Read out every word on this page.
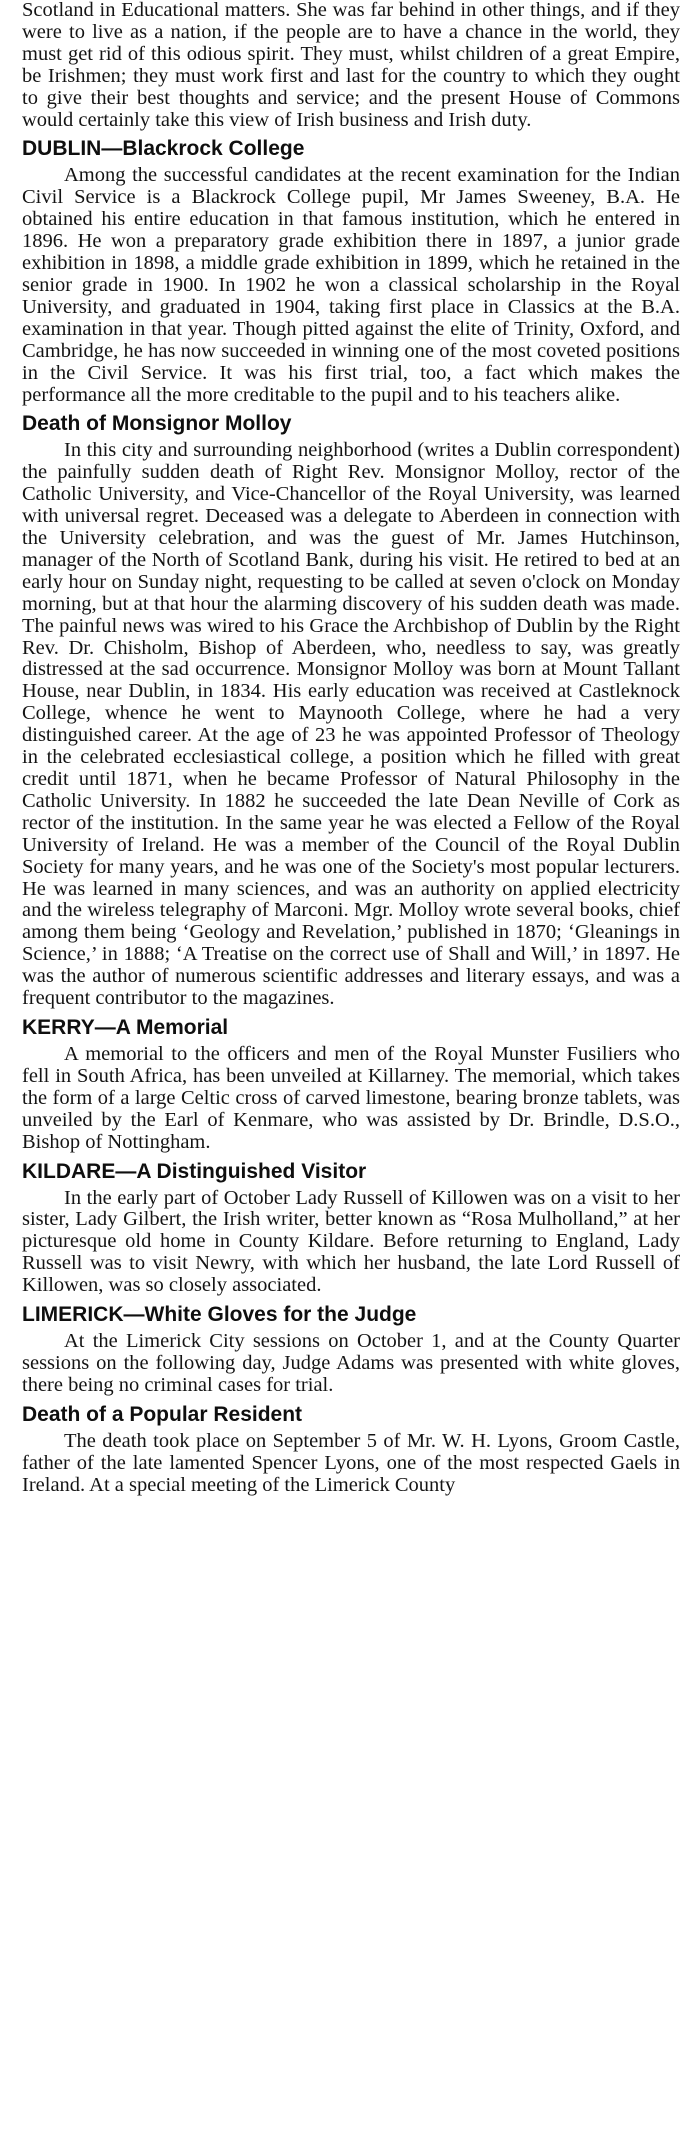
Scotland in Educational matters. She was far behind in other things, and if they were to live as a nation, if the people are to have a chance in the world, they must get rid of this odious spirit. They must, whilst children of a great Empire, be Irishmen; they must work first and last for the country to which they ought to give their best thoughts and service; and the present House of Commons would certainly take this view of Irish business and Irish duty.

DUBLIN—Blackrock College

Among the successful candidates at the recent examination for the Indian Civil Service is a Blackrock College pupil, Mr James Sweeney, B.A. He obtained his entire education in that famous institution, which he entered in 1896. He won a preparatory grade exhibition there in 1897, a junior grade exhibition in 1898, a middle grade exhibition in 1899, which he retained in the senior grade in 1900. In 1902 he won a classical scholarship in the Royal University, and graduated in 1904, taking first place in Classics at the B.A. examination in that year. Though pitted against the elite of Trinity, Oxford, and Cambridge, he has now succeeded in winning one of the most coveted positions in the Civil Service. It was his first trial, too, a fact which makes the performance all the more creditable to the pupil and to his teachers alike.

Death of Monsignor Molloy

In this city and surrounding neighborhood (writes a Dublin correspondent) the painfully sudden death of Right Rev. Monsignor Molloy, rector of the Catholic University, and Vice-Chancellor of the Royal University, was learned with universal regret. Deceased was a delegate to Aberdeen in connection with the University celebration, and was the guest of Mr. James Hutchinson, manager of the North of Scotland Bank, during his visit. He retired to bed at an early hour on Sunday night, requesting to be called at seven o'clock on Monday morning, but at that hour the alarming discovery of his sudden death was made. The painful news was wired to his Grace the Archbishop of Dublin by the Right Rev. Dr. Chisholm, Bishop of Aberdeen, who, needless to say, was greatly distressed at the sad occurrence. Monsignor Molloy was born at Mount Tallant House, near Dublin, in 1834. His early education was received at Castleknock College, whence he went to Maynooth College, where he had a very distinguished career. At the age of 23 he was appointed Professor of Theology in the celebrated ecclesiastical college, a position which he filled with great credit until 1871, when he became Professor of Natural Philosophy in the Catholic University. In 1882 he succeeded the late Dean Neville of Cork as rector of the institution. In the same year he was elected a Fellow of the Royal University of Ireland. He was a member of the Council of the Royal Dublin Society for many years, and he was one of the Society's most popular lecturers. He was learned in many sciences, and was an authority on applied electricity and the wireless telegraphy of Marconi. Mgr. Molloy wrote several books, chief among them being ‘Geology and Revelation,’ published in 1870; ‘Gleanings in Science,’ in 1888; ‘A Treatise on the correct use of Shall and Will,’ in 1897. He was the author of numerous scientific addresses and literary essays, and was a frequent contributor to the magazines.

KERRY—A Memorial

A memorial to the officers and men of the Royal Munster Fusiliers who fell in South Africa, has been unveiled at Killarney. The memorial, which takes the form of a large Celtic cross of carved limestone, bearing bronze tablets, was unveiled by the Earl of Kenmare, who was assisted by Dr. Brindle, D.S.O., Bishop of Nottingham.

KILDARE—A Distinguished Visitor

In the early part of October Lady Russell of Killowen was on a visit to her sister, Lady Gilbert, the Irish writer, better known as “Rosa Mulholland,” at her picturesque old home in County Kildare. Before returning to England, Lady Russell was to visit Newry, with which her husband, the late Lord Russell of Killowen, was so closely associated.

LIMERICK—White Gloves for the Judge

At the Limerick City sessions on October 1, and at the County Quarter sessions on the following day, Judge Adams was presented with white gloves, there being no criminal cases for trial.

Death of a Popular Resident

The death took place on September 5 of Mr. W. H. Lyons, Groom Castle, father of the late lamented Spencer Lyons, one of the most respected Gaels in Ireland. At a special meeting of the Limerick County
